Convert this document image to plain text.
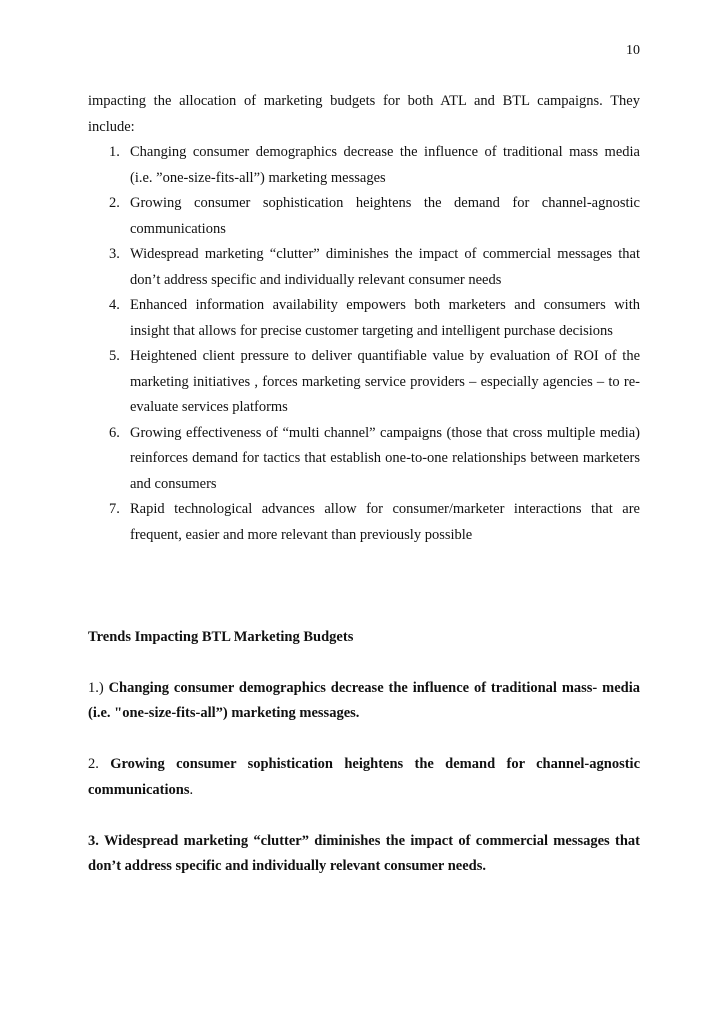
10

impacting the allocation of marketing budgets for both ATL and BTL campaigns. They include:

1. Changing consumer demographics decrease the influence of traditional mass media (i.e. ”one-size-fits-all”) marketing messages
2. Growing consumer sophistication heightens the demand for channel-agnostic communications
3. Widespread marketing “clutter” diminishes the impact of commercial messages that don’t address specific and individually relevant consumer needs
4. Enhanced information availability empowers both marketers and consumers with insight that allows for precise customer targeting and intelligent purchase decisions
5. Heightened client pressure to deliver quantifiable value by evaluation of ROI of the marketing initiatives , forces marketing service providers – especially agencies – to re-evaluate services platforms
6. Growing effectiveness of “multi channel” campaigns (those that cross multiple media) reinforces demand for tactics that establish one-to-one relationships between marketers and consumers
7. Rapid technological advances allow for consumer/marketer interactions that are frequent, easier and more relevant than previously possible

Trends Impacting BTL Marketing Budgets

1.) Changing consumer demographics decrease the influence of traditional mass- media (i.e. "one-size-fits-all”) marketing messages.

2. Growing consumer sophistication heightens the demand for channel-agnostic communications.

3. Widespread marketing “clutter” diminishes the impact of commercial messages that don’t address specific and individually relevant consumer needs.
